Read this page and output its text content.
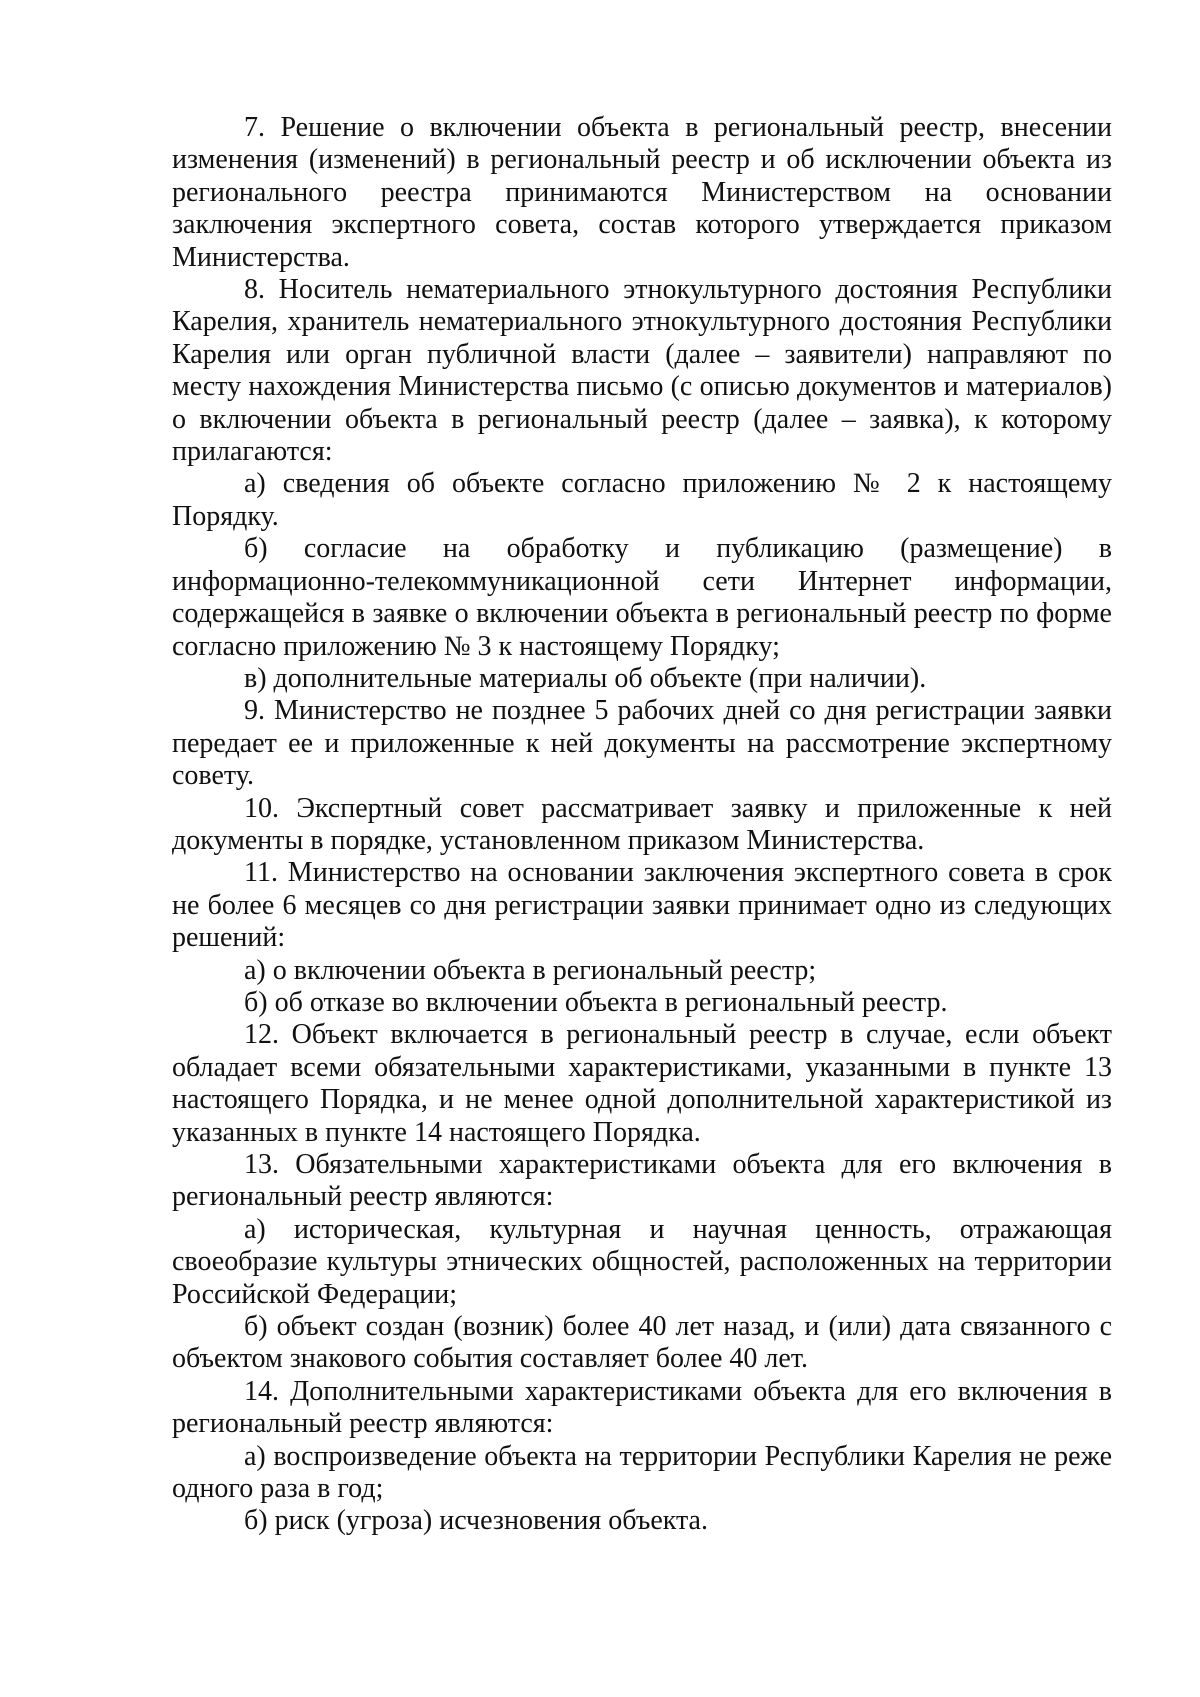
7. Решение о включении объекта в региональный реестр, внесении изменения (изменений) в региональный реестр и об исключении объекта из регионального реестра принимаются Министерством на основании заключения экспертного совета, состав которого утверждается приказом Министерства.

8. Носитель нематериального этнокультурного достояния Республики Карелия, хранитель нематериального этнокультурного достояния Республики Карелия или орган публичной власти (далее – заявители) направляют по месту нахождения Министерства письмо (с описью документов и материалов) о включении объекта в региональный реестр (далее – заявка), к которому прилагаются:

а) сведения об объекте согласно приложению № 2 к настоящему Порядку.

б) согласие на обработку и публикацию (размещение) в информационно-телекоммуникационной сети Интернет информации, содержащейся в заявке о включении объекта в региональный реестр по форме согласно приложению № 3 к настоящему Порядку;

в) дополнительные материалы об объекте (при наличии).

9. Министерство не позднее 5 рабочих дней со дня регистрации заявки передает ее и приложенные к ней документы на рассмотрение экспертному совету.

10. Экспертный совет рассматривает заявку и приложенные к ней документы в порядке, установленном приказом Министерства.

11. Министерство на основании заключения экспертного совета в срок не более 6 месяцев со дня регистрации заявки принимает одно из следующих решений:

а) о включении объекта в региональный реестр;

б) об отказе во включении объекта в региональный реестр.

12. Объект включается в региональный реестр в случае, если объект обладает всеми обязательными характеристиками, указанными в пункте 13 настоящего Порядка, и не менее одной дополнительной характеристикой из указанных в пункте 14 настоящего Порядка.

13. Обязательными характеристиками объекта для его включения в региональный реестр являются:

а) историческая, культурная и научная ценность, отражающая своеобразие культуры этнических общностей, расположенных на территории Российской Федерации;

б) объект создан (возник) более 40 лет назад, и (или) дата связанного с объектом знакового события составляет более 40 лет.

14. Дополнительными характеристиками объекта для его включения в региональный реестр являются:

а) воспроизведение объекта на территории Республики Карелия не реже одного раза в год;

б) риск (угроза) исчезновения объекта.
